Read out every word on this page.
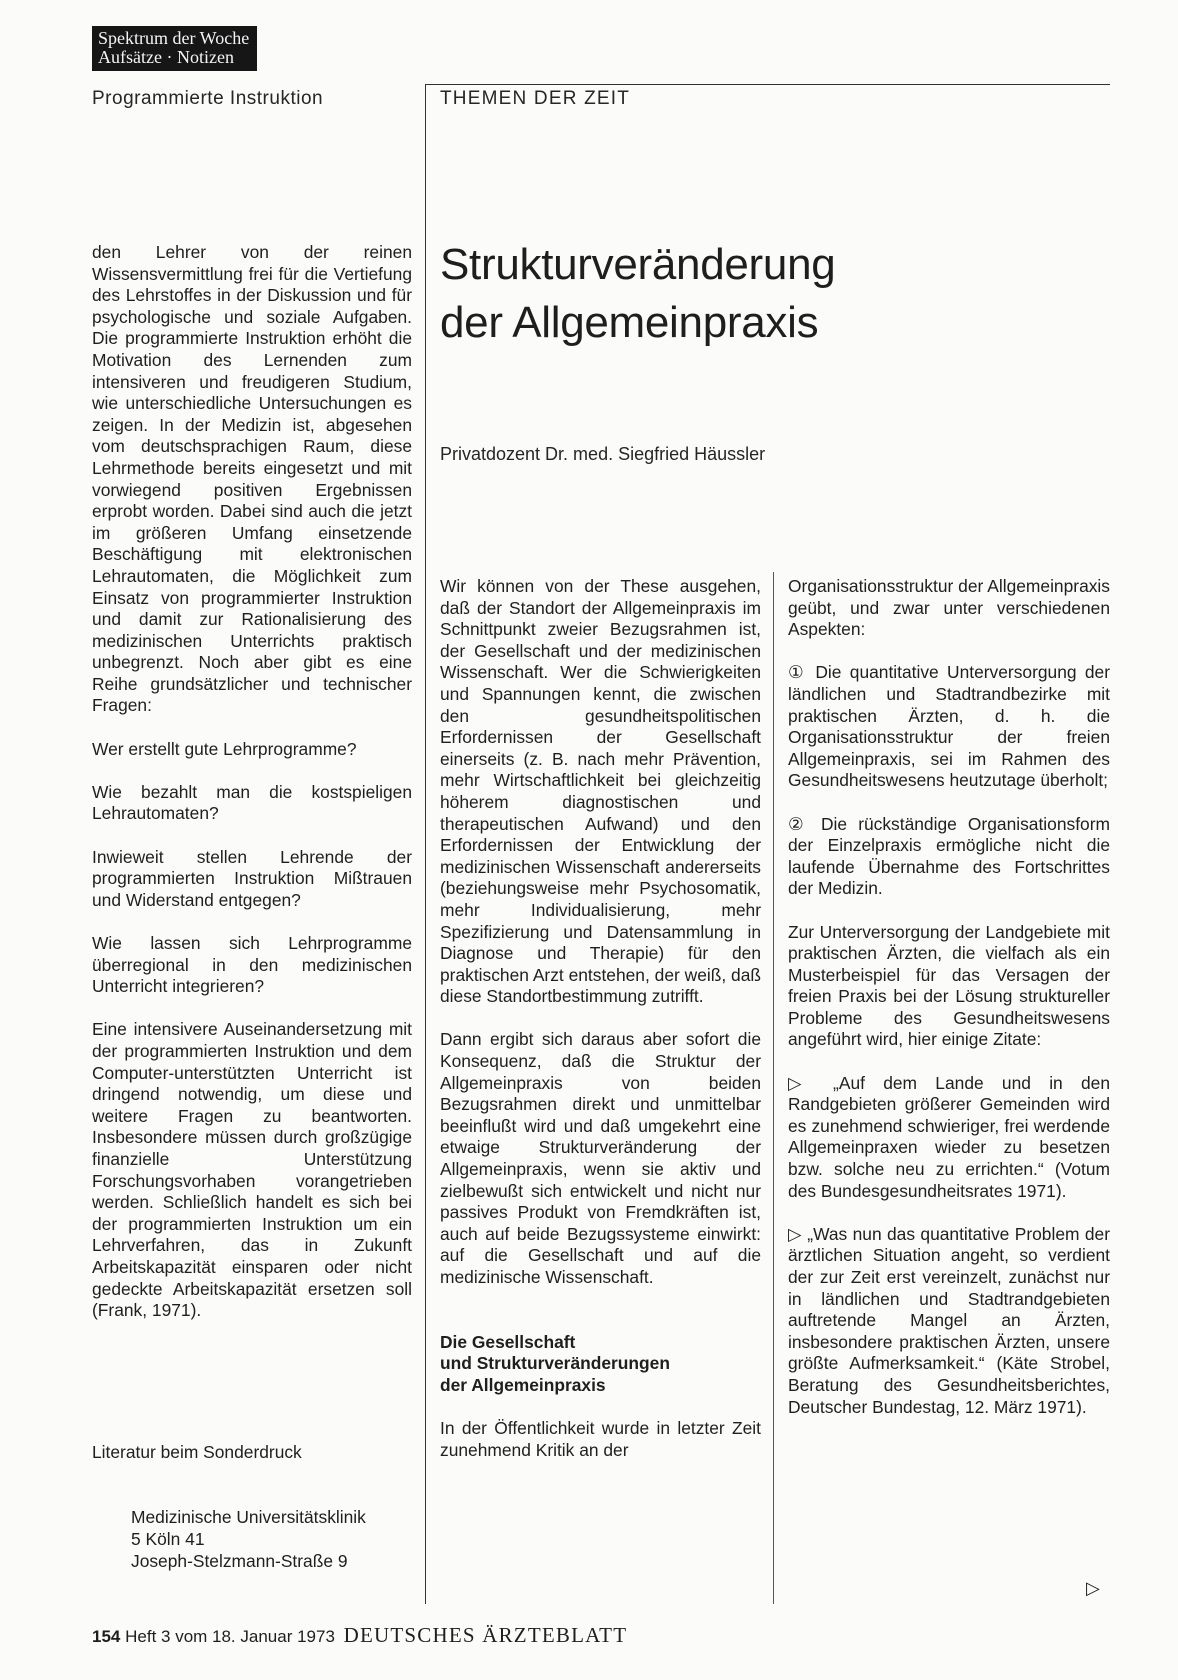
Spektrum der Woche
Aufsätze · Notizen
Programmierte Instruktion	THEMEN DER ZEIT

den Lehrer von der reinen Wissensvermittlung frei für die Vertiefung des Lehrstoffes in der Diskussion und für psychologische und soziale Aufgaben. Die programmierte Instruktion erhöht die Motivation des Lernenden zum intensiveren und freudigeren Studium, wie unterschiedliche Untersuchungen es zeigen. In der Medizin ist, abgesehen vom deutschsprachigen Raum, diese Lehrmethode bereits eingesetzt und mit vorwiegend positiven Ergebnissen erprobt worden. Dabei sind auch die jetzt im größeren Umfang einsetzende Beschäftigung mit elektronischen Lehrautomaten, die Möglichkeit zum Einsatz von programmierter Instruktion und damit zur Rationalisierung des medizinischen Unterrichts praktisch unbegrenzt. Noch aber gibt es eine Reihe grundsätzlicher und technischer Fragen:

Wer erstellt gute Lehrprogramme?

Wie bezahlt man die kostspieligen Lehrautomaten?

Inwieweit stellen Lehrende der programmierten Instruktion Mißtrauen und Widerstand entgegen?

Wie lassen sich Lehrprogramme überregional in den medizinischen Unterricht integrieren?

Eine intensivere Auseinandersetzung mit der programmierten Instruktion und dem Computer-unterstützten Unterricht ist dringend notwendig, um diese und weitere Fragen zu beantworten. Insbesondere müssen durch großzügige finanzielle Unterstützung Forschungsvorhaben vorangetrieben werden. Schließlich handelt es sich bei der programmierten Instruktion um ein Lehrverfahren, das in Zukunft Arbeitskapazität einsparen oder nicht gedeckte Arbeitskapazität ersetzen soll (Frank, 1971).

Literatur beim Sonderdruck
Medizinische Universitätsklinik
5 Köln 41
Joseph-Stelzmann-Straße 9
Strukturveränderung
der Allgemeinpraxis
Privatdozent Dr. med. Siegfried Häussler

Wir können von der These ausgehen, daß der Standort der Allgemeinpraxis im Schnittpunkt zweier Bezugsrahmen ist, der Gesellschaft und der medizinischen Wissenschaft. Wer die Schwierigkeiten und Spannungen kennt, die zwischen den gesundheitspolitischen Erfordernissen der Gesellschaft einerseits (z. B. nach mehr Prävention, mehr Wirtschaftlichkeit bei gleichzeitig höherem diagnostischen und therapeutischen Aufwand) und den Erfordernissen der Entwicklung der medizinischen Wissenschaft andererseits (beziehungsweise mehr Psychosomatik, mehr Individualisierung, mehr Spezifizierung und Datensammlung in Diagnose und Therapie) für den praktischen Arzt entstehen, der weiß, daß diese Standortbestimmung zutrifft.

Dann ergibt sich daraus aber sofort die Konsequenz, daß die Struktur der Allgemeinpraxis von beiden Bezugsrahmen direkt und unmittelbar beeinflußt wird und daß umgekehrt eine etwaige Strukturveränderung der Allgemeinpraxis, wenn sie aktiv und zielbewußt sich entwickelt und nicht nur passives Produkt von Fremdkräften ist, auch auf beide Bezugssysteme einwirkt: auf die Gesellschaft und auf die medizinische Wissenschaft.

Die Gesellschaft
und Strukturveränderungen
der Allgemeinpraxis

In der Öffentlichkeit wurde in letzter Zeit zunehmend Kritik an der

Organisationsstruktur der Allgemeinpraxis geübt, und zwar unter verschiedenen Aspekten:

① Die quantitative Unterversorgung der ländlichen und Stadtrandbezirke mit praktischen Ärzten, d. h. die Organisationsstruktur der freien Allgemeinpraxis, sei im Rahmen des Gesundheitswesens heutzutage überholt;

② Die rückständige Organisationsform der Einzelpraxis ermögliche nicht die laufende Übernahme des Fortschrittes der Medizin.

Zur Unterversorgung der Landgebiete mit praktischen Ärzten, die vielfach als ein Musterbeispiel für das Versagen der freien Praxis bei der Lösung struktureller Probleme des Gesundheitswesens angeführt wird, hier einige Zitate:

▷ „Auf dem Lande und in den Randgebieten größerer Gemeinden wird es zunehmend schwieriger, frei werdende Allgemeinpraxen wieder zu besetzen bzw. solche neu zu errichten.“ (Votum des Bundesgesundheitsrates 1971).

▷ „Was nun das quantitative Problem der ärztlichen Situation angeht, so verdient der zur Zeit erst vereinzelt, zunächst nur in ländlichen und Stadtrandgebieten auftretende Mangel an Ärzten, insbesondere praktischen Ärzten, unsere größte Aufmerksamkeit.“ (Käte Strobel, Beratung des Gesundheitsberichtes, Deutscher Bundestag, 12. März 1971).

▷
154 Heft 3 vom 18. Januar 1973 DEUTSCHES ÄRZTEBLATT
